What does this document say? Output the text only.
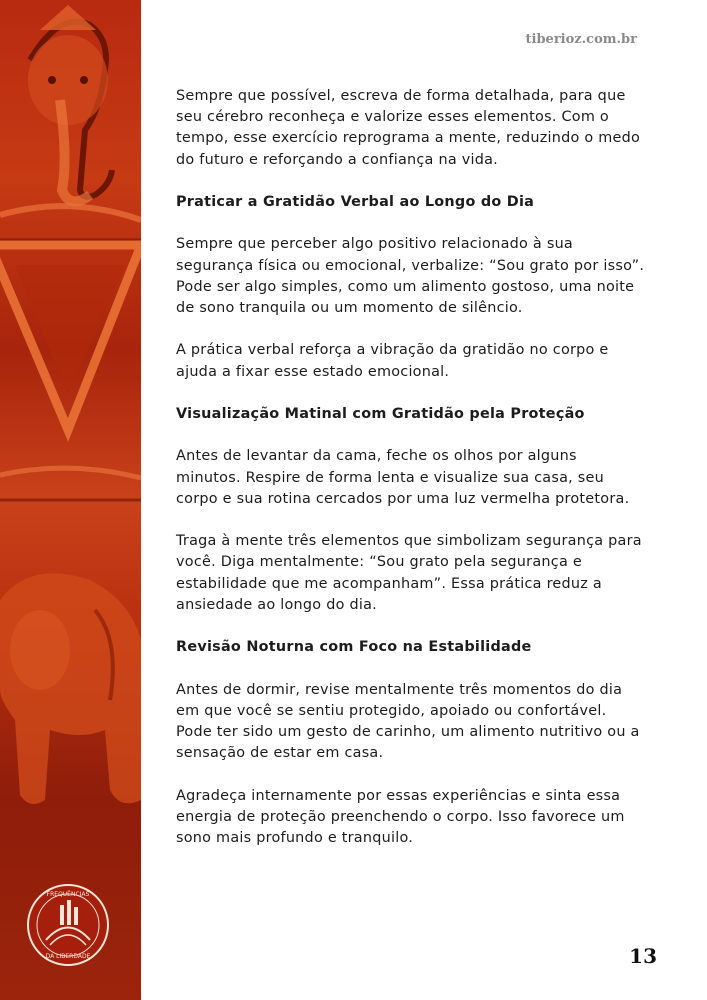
FREQUÊNCIAS
DA LIBERDADE
tiberioz.com.br

Sempre que possível, escreva de forma detalhada, para que seu cérebro reconheça e valorize esses elementos. Com o tempo, esse exercício reprograma a mente, reduzindo o medo do futuro e reforçando a confiança na vida.

Praticar a Gratidão Verbal ao Longo do Dia

Sempre que perceber algo positivo relacionado à sua segurança física ou emocional, verbalize: “Sou grato por isso”. Pode ser algo simples, como um alimento gostoso, uma noite de sono tranquila ou um momento de silêncio.

A prática verbal reforça a vibração da gratidão no corpo e ajuda a fixar esse estado emocional.

Visualização Matinal com Gratidão pela Proteção

Antes de levantar da cama, feche os olhos por alguns minutos. Respire de forma lenta e visualize sua casa, seu corpo e sua rotina cercados por uma luz vermelha protetora.

Traga à mente três elementos que simbolizam segurança para você. Diga mentalmente: “Sou grato pela segurança e estabilidade que me acompanham”. Essa prática reduz a ansiedade ao longo do dia.

Revisão Noturna com Foco na Estabilidade

Antes de dormir, revise mentalmente três momentos do dia em que você se sentiu protegido, apoiado ou confortável. Pode ter sido um gesto de carinho, um alimento nutritivo ou a sensação de estar em casa.

Agradeça internamente por essas experiências e sinta essa energia de proteção preenchendo o corpo. Isso favorece um sono mais profundo e tranquilo.

13
